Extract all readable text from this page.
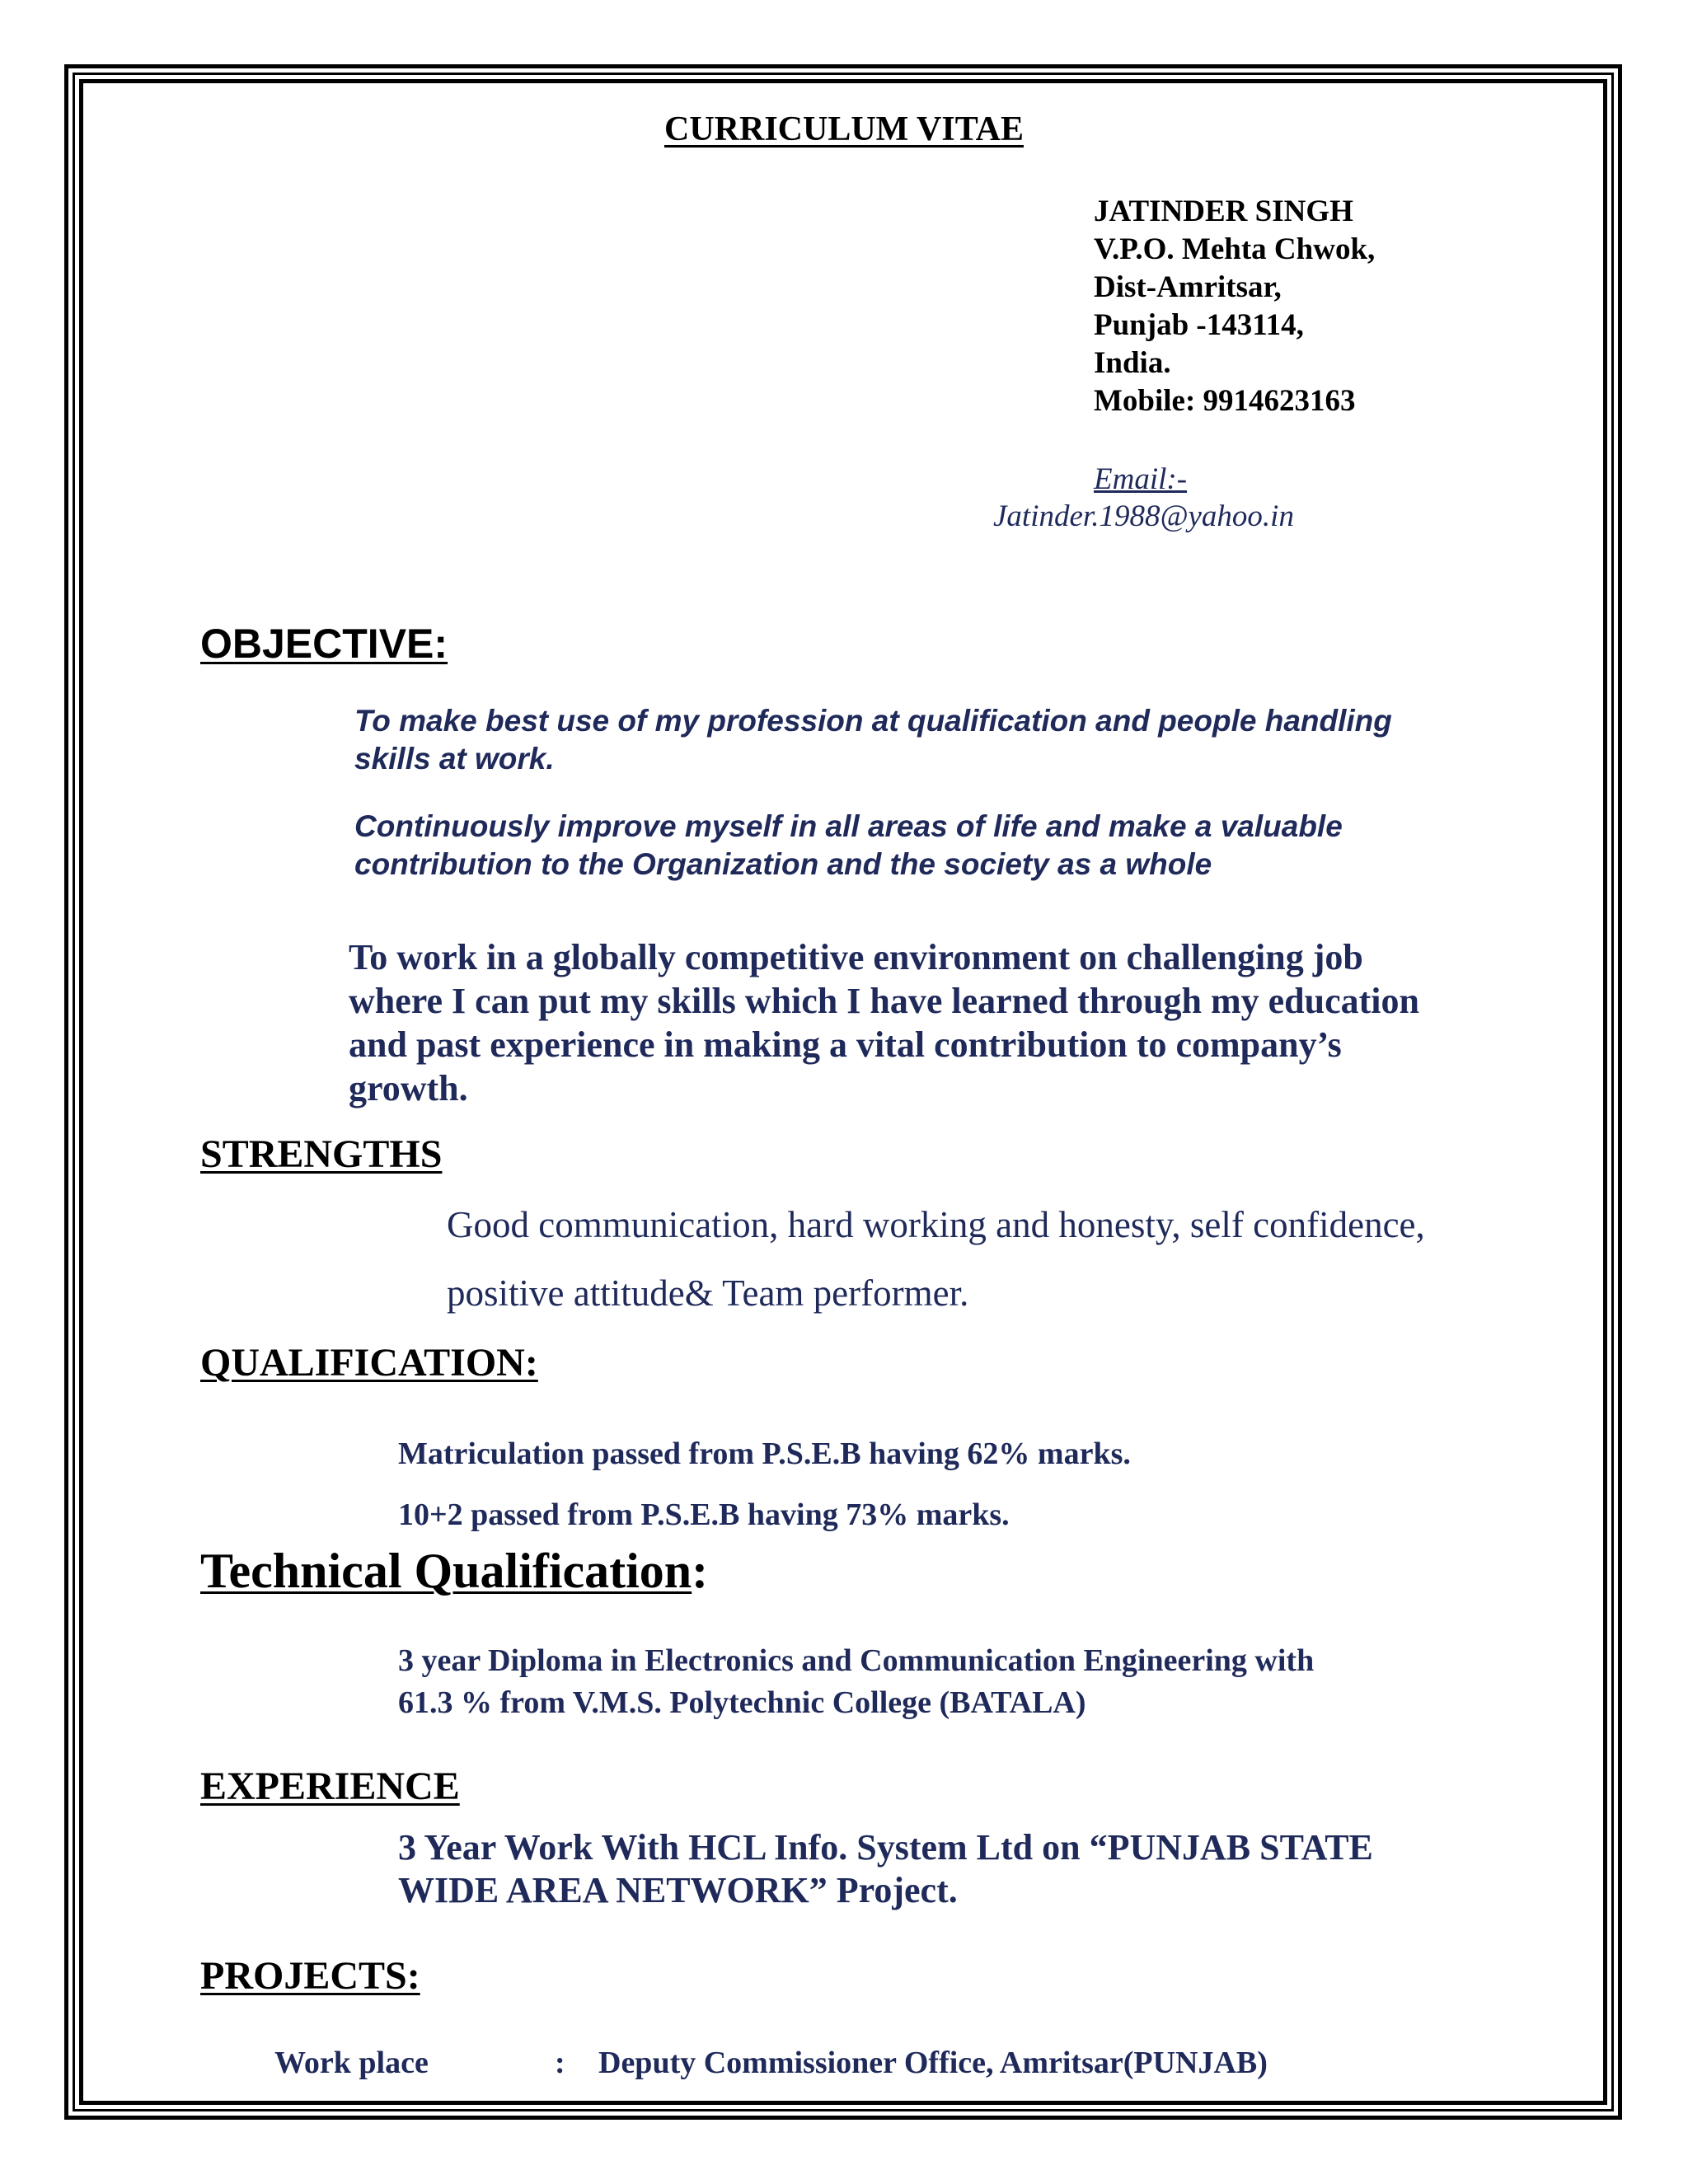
CURRICULUM VITAE

JATINDER SINGH

V.P.O. Mehta Chwok,

Dist-Amritsar,

Punjab -143114,

India.

Mobile: 9914623163

Email:-

Jatinder.1988@yahoo.in

OBJECTIVE:

To make best use of my profession at qualification and people handling

skills at work.

Continuously improve myself in all areas of life and make a valuable

contribution to the Organization and the society as a whole

To work in a globally competitive environment on challenging job

where I can put my skills which I have learned through my education

and past experience in making a vital contribution to company’s

growth.

STRENGTHS

Good communication, hard working and honesty, self confidence,

positive attitude& Team performer.

QUALIFICATION:

Matriculation passed from P.S.E.B having 62% marks.

10+2 passed from P.S.E.B having 73% marks.

Technical Qualification:

3 year Diploma in Electronics and Communication Engineering with

61.3 % from V.M.S. Polytechnic College (BATALA)

EXPERIENCE

3 Year Work With HCL Info. System Ltd on “PUNJAB STATE

WIDE AREA NETWORK” Project.

PROJECTS:
Work place	: Deputy Commissioner Office, Amritsar(PUNJAB)
